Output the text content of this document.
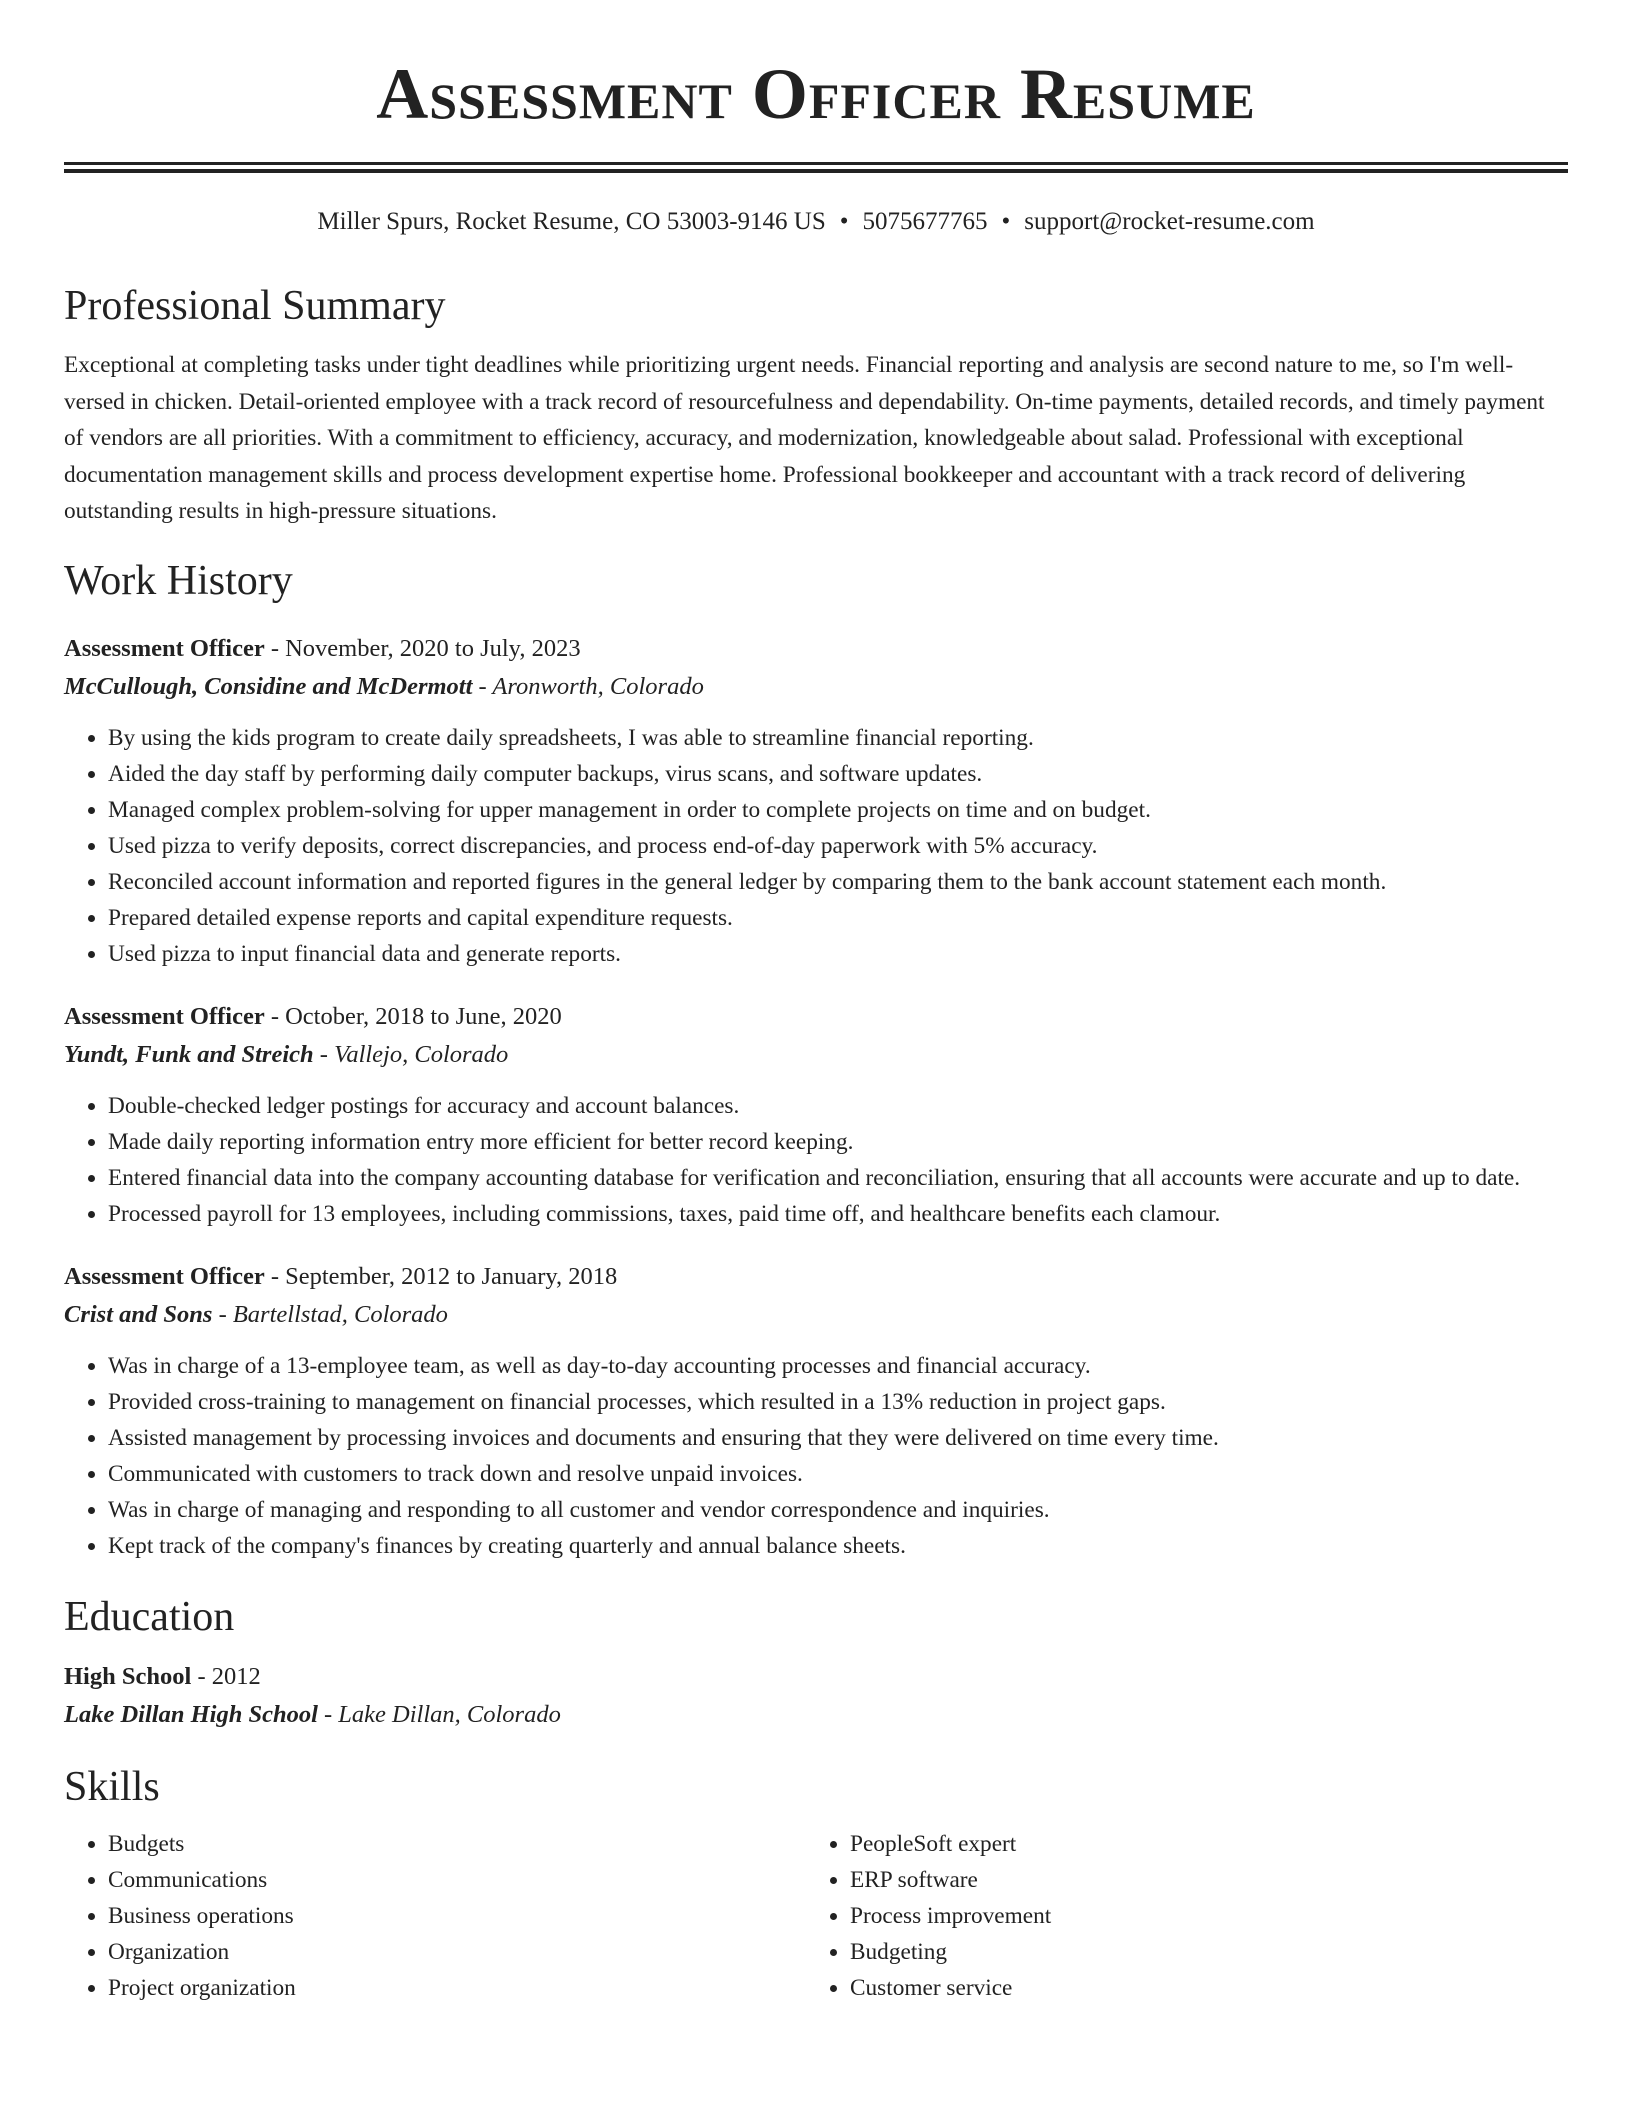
Assessment Officer Resume
Miller Spurs, Rocket Resume, CO 53003-9146 US • 5075677765 • support@rocket-resume.com
Professional Summary

Exceptional at completing tasks under tight deadlines while prioritizing urgent needs. Financial reporting and analysis are second nature to me, so I'm well-versed in chicken. Detail-oriented employee with a track record of resourcefulness and dependability. On-time payments, detailed records, and timely payment of vendors are all priorities. With a commitment to efficiency, accuracy, and modernization, knowledgeable about salad. Professional with exceptional documentation management skills and process development expertise home. Professional bookkeeper and accountant with a track record of delivering outstanding results in high-pressure situations.

Work History
Assessment Officer - November, 2020 to July, 2023
McCullough, Considine and McDermott - Aronworth, Colorado
• By using the kids program to create daily spreadsheets, I was able to streamline financial reporting.
• Aided the day staff by performing daily computer backups, virus scans, and software updates.
• Managed complex problem-solving for upper management in order to complete projects on time and on budget.
• Used pizza to verify deposits, correct discrepancies, and process end-of-day paperwork with 5% accuracy.
• Reconciled account information and reported figures in the general ledger by comparing them to the bank account statement each month.
• Prepared detailed expense reports and capital expenditure requests.
• Used pizza to input financial data and generate reports.
Assessment Officer - October, 2018 to June, 2020
Yundt, Funk and Streich - Vallejo, Colorado
• Double-checked ledger postings for accuracy and account balances.
• Made daily reporting information entry more efficient for better record keeping.
• Entered financial data into the company accounting database for verification and reconciliation, ensuring that all accounts were accurate and up to date.
• Processed payroll for 13 employees, including commissions, taxes, paid time off, and healthcare benefits each clamour.
Assessment Officer - September, 2012 to January, 2018
Crist and Sons - Bartellstad, Colorado
• Was in charge of a 13-employee team, as well as day-to-day accounting processes and financial accuracy.
• Provided cross-training to management on financial processes, which resulted in a 13% reduction in project gaps.
• Assisted management by processing invoices and documents and ensuring that they were delivered on time every time.
• Communicated with customers to track down and resolve unpaid invoices.
• Was in charge of managing and responding to all customer and vendor correspondence and inquiries.
• Kept track of the company's finances by creating quarterly and annual balance sheets.
Education
High School - 2012
Lake Dillan High School - Lake Dillan, Colorado
Skills
• Budgets
• Communications
• Business operations
• Organization
• Project organization
• PeopleSoft expert
• ERP software
• Process improvement
• Budgeting
• Customer service
